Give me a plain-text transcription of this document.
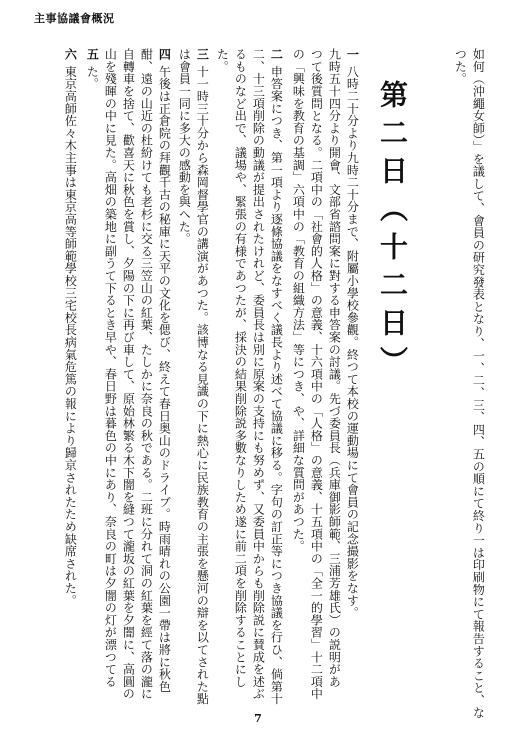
主事協議會概況
如何（沖繩女師）」を議して、會員の研究發表となり、一、二、三、四、五の順にて終り一は印刷物にて報告すること、な
つた。
第二日（十二日）
一八時二十分より九時二十分まで、附屬小學校參觀。終つて本校の運動場にて會員の記念撮影をなす。
九時五十四分より開會、文部省諮問案に對する申答案の討議。先づ委員長（兵庫御影師範、三浦芳雄氏）の説明があ
つて後質問となる。二項中の「社會的人格」の意義、十六項中の「人格」の意義、十五項中の「全一的學習」十二項中
の「興味を教育の基調」六項中の「教育の組織方法」等につき、や、詳細な質問があつた。
二申答案につき、第一項より逐條協議をなすべく議長より述べて協議に移る。字句の訂正等につき協議を行ひ、倘第十
二、十三項削除の動議が提出されたけれど、委員長は別に原案の支持にも努めず、又委員中からも削除説に賛成を述ぶ
るものなど出で、議場や、緊張の有様であつたが、採決の結果削除説多數なりしため遂に前二項を削除することにし
た。
三十一時三十分から森岡督學官の講演があつた。該博なる見識の下に熱心に民族教育の主張を懸河の辯を以てされた點
は會員一同に多大の感動を與へた。
四午後は正倉院の拜觀千古の秘庫に天平の文化を偲び、終えて春日奥山のドライブ。時雨晴れの公園一帶は將に秋色
酣、遠の山近の杜紛けても老杉に交る三笠山の紅葉、たしかに奈良の秋である。二班に分れて洞の紅葉を經て落の瀧に
自轉車を捨て、歡喜天に秋色を賞し、夕陽の下に再び車して、原始林繁る木下闇を縫つて瀧坂の紅葉を夕闇に、高圓の
山を殘暉の中に見た。高畑の築地に副うて下るとき早や、春日野は暮色の中にあり、奈良の町は夕闇の灯が漂つてる
五た。
六東京高師佐々木主事は東京高等師範學校三宅校長病氣危篤の報により歸京されたため缺席された。
7
